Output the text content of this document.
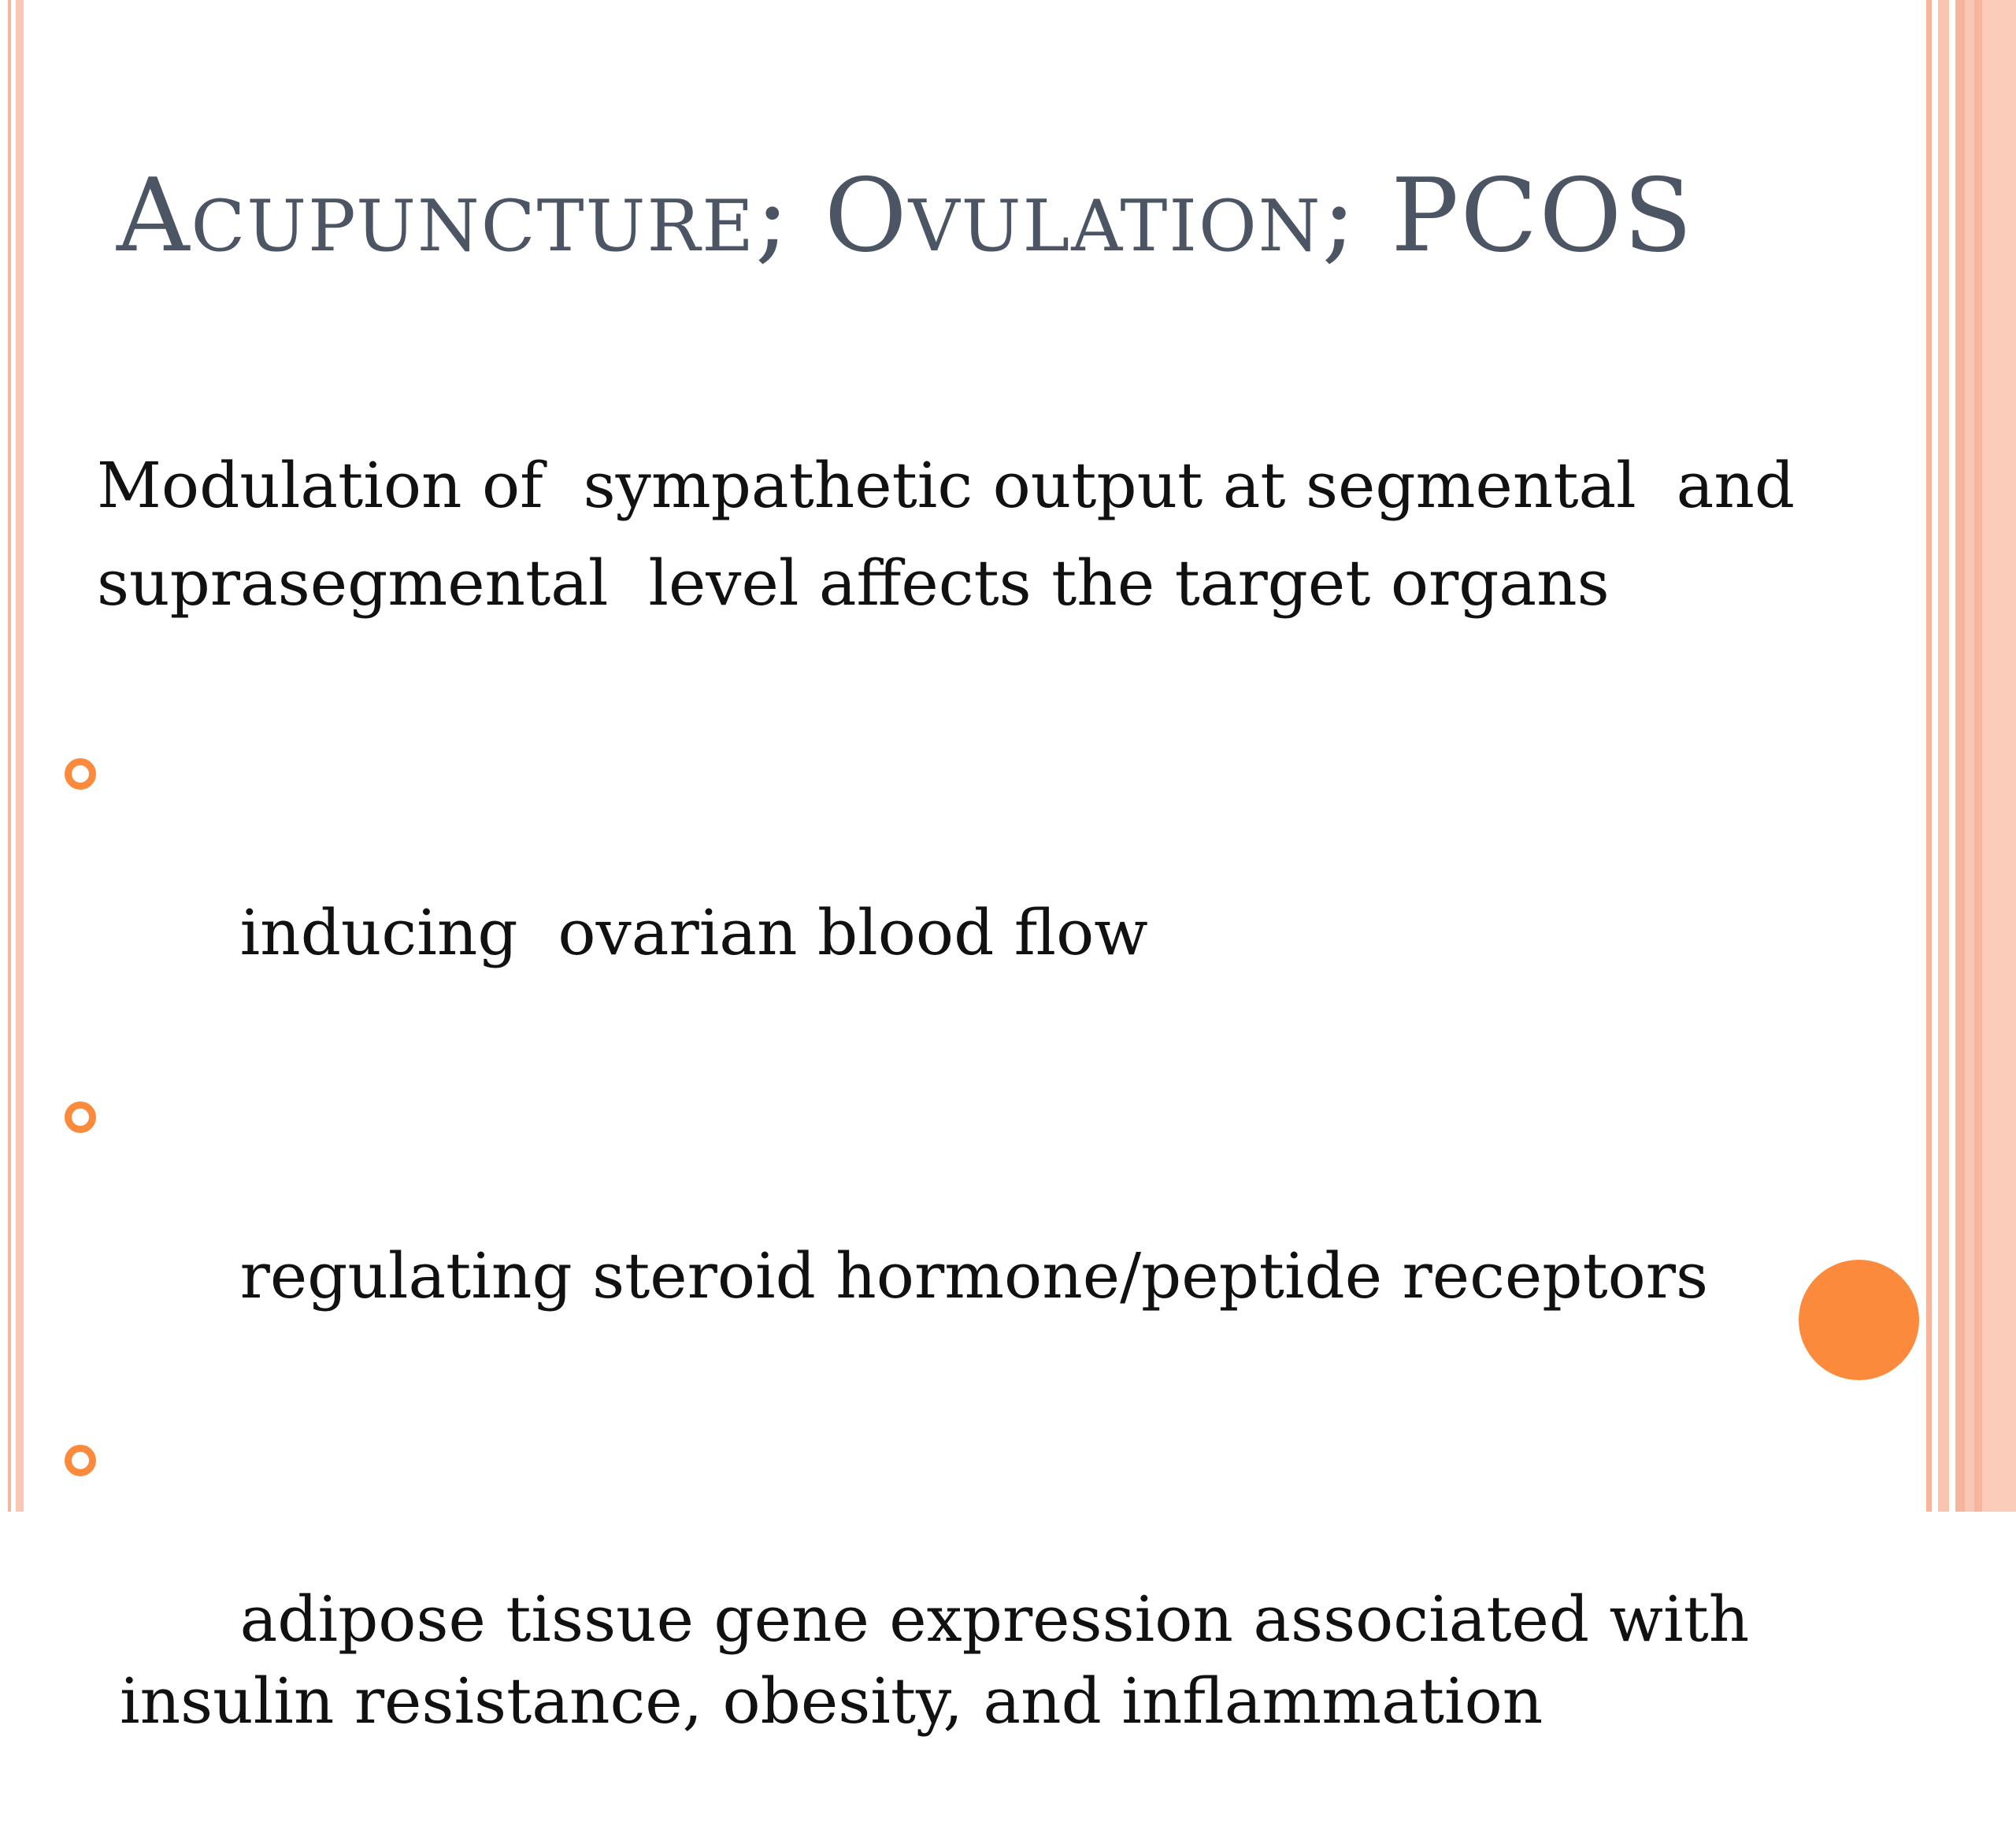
Acupuncture; Ovulation; PCOS

Modulation of  sympathetic output at segmental  and suprasegmental  level affects the target organs

inducing  ovarian blood flow

regulating steroid hormone/peptide receptors

adipose tissue gene expression associated with insulin resistance, obesity, and inflammation
